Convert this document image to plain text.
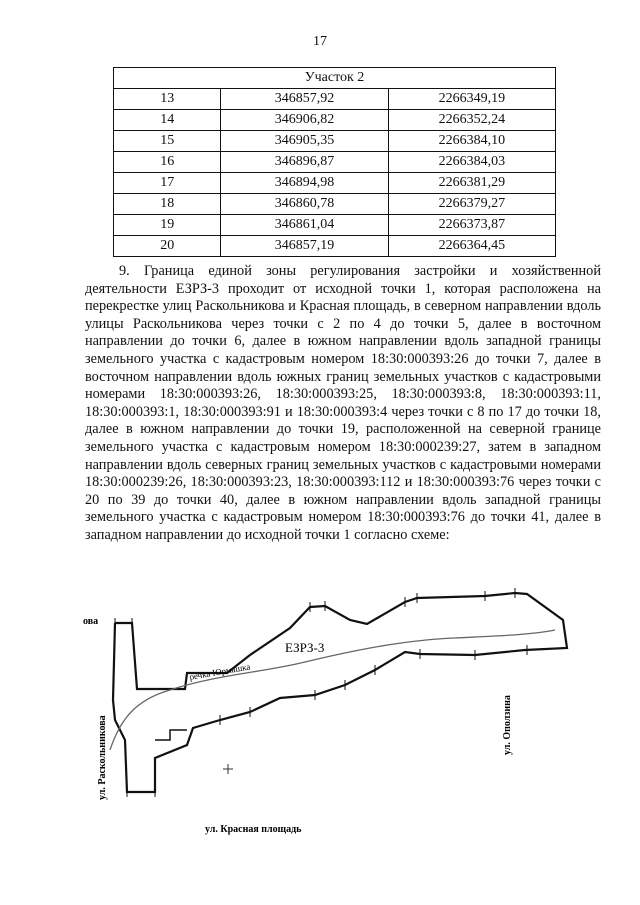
17
Участок 2		
13	346857,92	2266349,19
14	346906,82	2266352,24
15	346905,35	2266384,10
16	346896,87	2266384,03
17	346894,98	2266381,29
18	346860,78	2266379,27
19	346861,04	2266373,87
20	346857,19	2266364,45

9. Граница единой зоны регулирования застройки и хозяйственной деятельности ЕЗРЗ-3 проходит от исходной точки 1, которая расположена на перекрестке улиц Раскольникова и Красная площадь, в северном направлении вдоль улицы Раскольникова через точки с 2 по 4 до точки 5, далее в восточном направлении до точки 6, далее в южном направлении вдоль западной границы земельного участка с кадастровым номером 18:30:000393:26 до точки 7, далее в восточном направлении вдоль южных границ земельных участков с кадастровыми номерами 18:30:000393:26, 18:30:000393:25, 18:30:000393:8, 18:30:000393:11, 18:30:000393:1, 18:30:000393:91 и 18:30:000393:4 через точки с 8 по 17 до точки 18, далее в южном направлении до точки 19, расположенной на северной границе земельного участка с кадастровым номером 18:30:000239:27, затем в западном направлении вдоль северных границ земельных участков с кадастровыми номерами 18:30:000239:26, 18:30:000393:23, 18:30:000393:112 и 18:30:000393:76 через точки с 20 по 39 до точки 40, далее в южном направлении вдоль западной границы земельного участка с кадастровым номером 18:30:000393:76 до точки 41, далее в западном направлении до исходной точки 1 согласно схеме:

ЕЗРЗ-3
речка Юрмашка
ул. Раскольникова	ул. Оползина
ул. Красная площадь
ова
